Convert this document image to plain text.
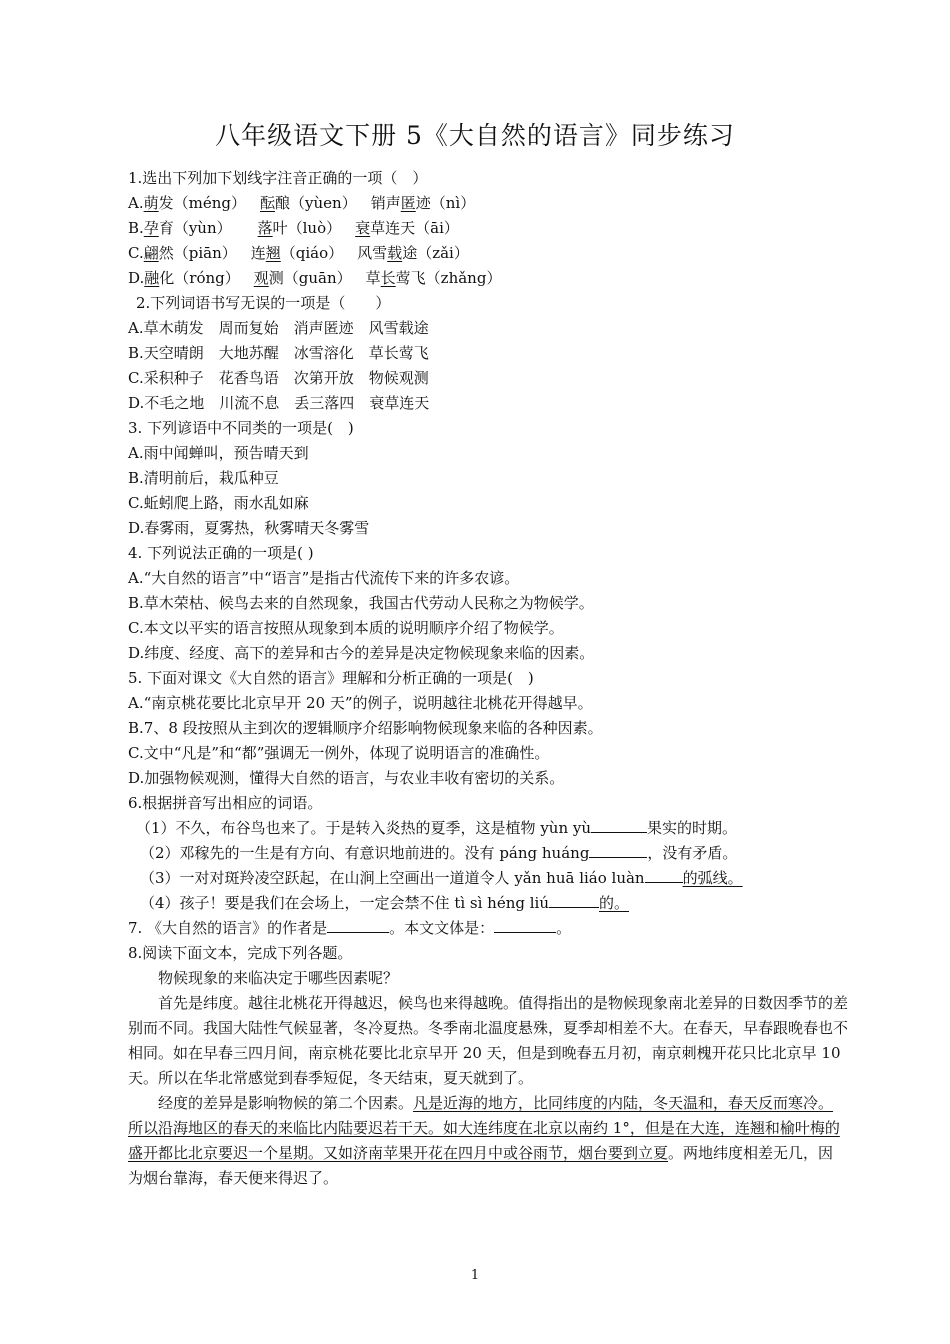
八年级语文下册 5《大自然的语言》同步练习
1.选出下列加下划线字注音正确的一项（　）
A.萌发（méng） 酝酿（yùen） 销声匿迹（nì）
B.孕育（yùn） 落叶（luò） 衰草连天（āi）
C.翩然（piān） 连翘（qiáo） 风雪载途（zǎi）
D.融化（róng） 观测（guān） 草长莺飞（zhǎng）
2.下列词语书写无误的一项是（　　）
A.草木萌发　周而复始　消声匿迹　风雪载途
B.天空晴朗　大地苏醒　冰雪溶化　草长莺飞
C.采积种子　花香鸟语　次第开放　物候观测
D.不毛之地　川流不息　丢三落四　衰草连天
3. 下列谚语中不同类的一项是(　)
A.雨中闻蝉叫，预告晴天到
B.清明前后，栽瓜种豆
C.蚯蚓爬上路，雨水乱如麻
D.春雾雨，夏雾热，秋雾晴天冬雾雪
4. 下列说法正确的一项是( )
A.“大自然的语言”中“语言”是指古代流传下来的许多农谚。
B.草木荣枯、候鸟去来的自然现象，我国古代劳动人民称之为物候学。
C.本文以平实的语言按照从现象到本质的说明顺序介绍了物候学。
D.纬度、经度、高下的差异和古今的差异是决定物候现象来临的因素。
5. 下面对课文《大自然的语言》理解和分析正确的一项是(　)
A.“南京桃花要比北京早开 20 天”的例子，说明越往北桃花开得越早。
B.7、8 段按照从主到次的逻辑顺序介绍影响物候现象来临的各种因素。
C.文中“凡是”和“都”强调无一例外，体现了说明语言的准确性。
D.加强物候观测，懂得大自然的语言，与农业丰收有密切的关系。
6.根据拼音写出相应的词语。
（1）不久，布谷鸟也来了。于是转入炎热的夏季，这是植物 yùn yù	果实的时期。
（2）邓稼先的一生是有方向、有意识地前进的。没有 páng huáng	，没有矛盾。
（3）一对对斑羚凌空跃起，在山涧上空画出一道道令人 yǎn huā liáo luàn	的弧线。
（4）孩子！要是我们在会场上，一定会禁不住 tì sì héng liú	的。
7. 《大自然的语言》的作者是	。本文文体是：	。
8.阅读下面文本，完成下列各题。
物候现象的来临决定于哪些因素呢？
首先是纬度。越往北桃花开得越迟，候鸟也来得越晚。值得指出的是物候现象南北差异的日数因季节的差别而不同。我国大陆性气候显著，冬冷夏热。冬季南北温度悬殊，夏季却相差不大。在春天，早春跟晚春也不相同。如在早春三四月间，南京桃花要比北京早开 20 天，但是到晚春五月初，南京刺槐开花只比北京早 10 天。所以在华北常感觉到春季短促，冬天结束，夏天就到了。
经度的差异是影响物候的第二个因素。凡是近海的地方，比同纬度的内陆，冬天温和，春天反而寒冷。所以沿海地区的春天的来临比内陆要迟若干天。如大连纬度在北京以南约 1°，但是在大连，连翘和榆叶梅的盛开都比北京要迟一个星期。又如济南苹果开花在四月中或谷雨节，烟台要到立夏。两地纬度相差无几，因为烟台靠海，春天便来得迟了。
1
